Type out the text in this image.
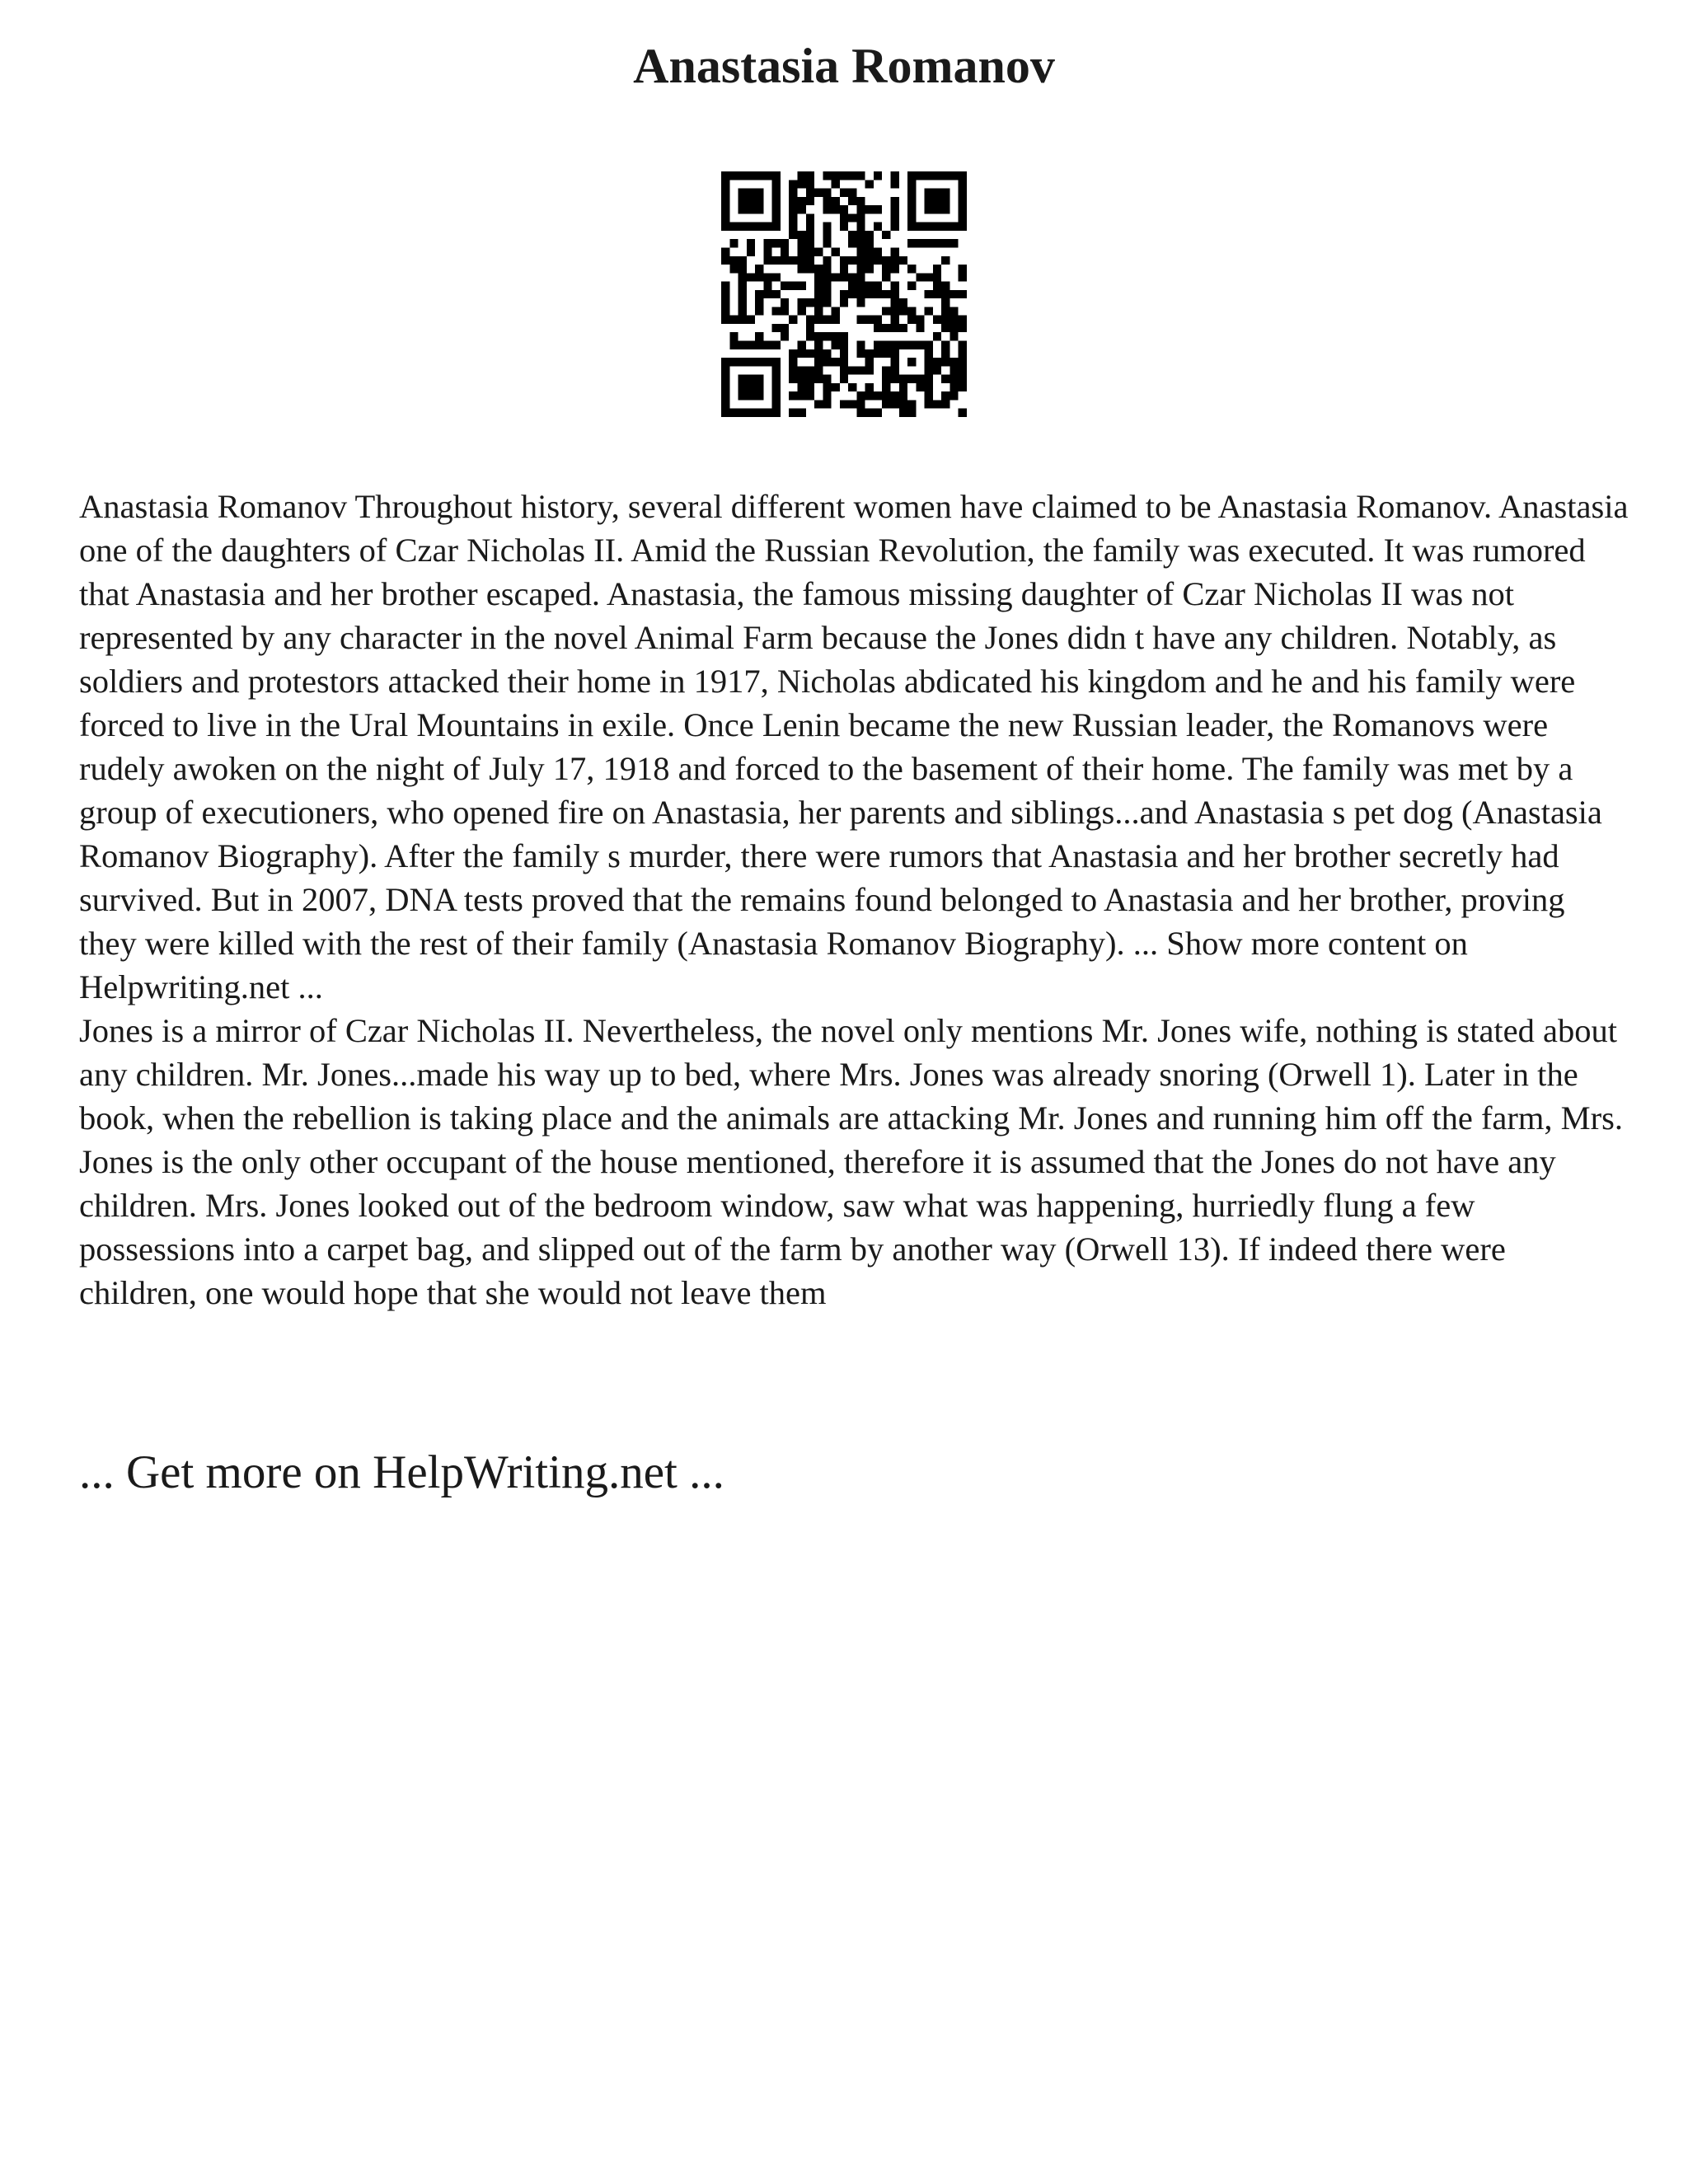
Anastasia Romanov

Anastasia Romanov Throughout history, several different women have claimed to be Anastasia Romanov. Anastasia one of the daughters of Czar Nicholas II. Amid the Russian Revolution, the family was executed. It was rumored that Anastasia and her brother escaped. Anastasia, the famous missing daughter of Czar Nicholas II was not represented by any character in the novel Animal Farm because the Jones didn t have any children. Notably, as soldiers and protestors attacked their home in 1917, Nicholas abdicated his kingdom and he and his family were forced to live in the Ural Mountains in exile. Once Lenin became the new Russian leader, the Romanovs were rudely awoken on the night of July 17, 1918 and forced to the basement of their home. The family was met by a group of executioners, who opened fire on Anastasia, her parents and siblings...and Anastasia s pet dog (Anastasia Romanov Biography). After the family s murder, there were rumors that Anastasia and her brother secretly had survived. But in 2007, DNA tests proved that the remains found belonged to Anastasia and her brother, proving they were killed with the rest of their family (Anastasia Romanov Biography). ... Show more content on Helpwriting.net ...

Jones is a mirror of Czar Nicholas II. Nevertheless, the novel only mentions Mr. Jones wife, nothing is stated about any children. Mr. Jones...made his way up to bed, where Mrs. Jones was already snoring (Orwell 1). Later in the book, when the rebellion is taking place and the animals are attacking Mr. Jones and running him off the farm, Mrs. Jones is the only other occupant of the house mentioned, therefore it is assumed that the Jones do not have any children. Mrs. Jones looked out of the bedroom window, saw what was happening, hurriedly flung a few possessions into a carpet bag, and slipped out of the farm by another way (Orwell 13). If indeed there were children, one would hope that she would not leave them

... Get more on HelpWriting.net ...
